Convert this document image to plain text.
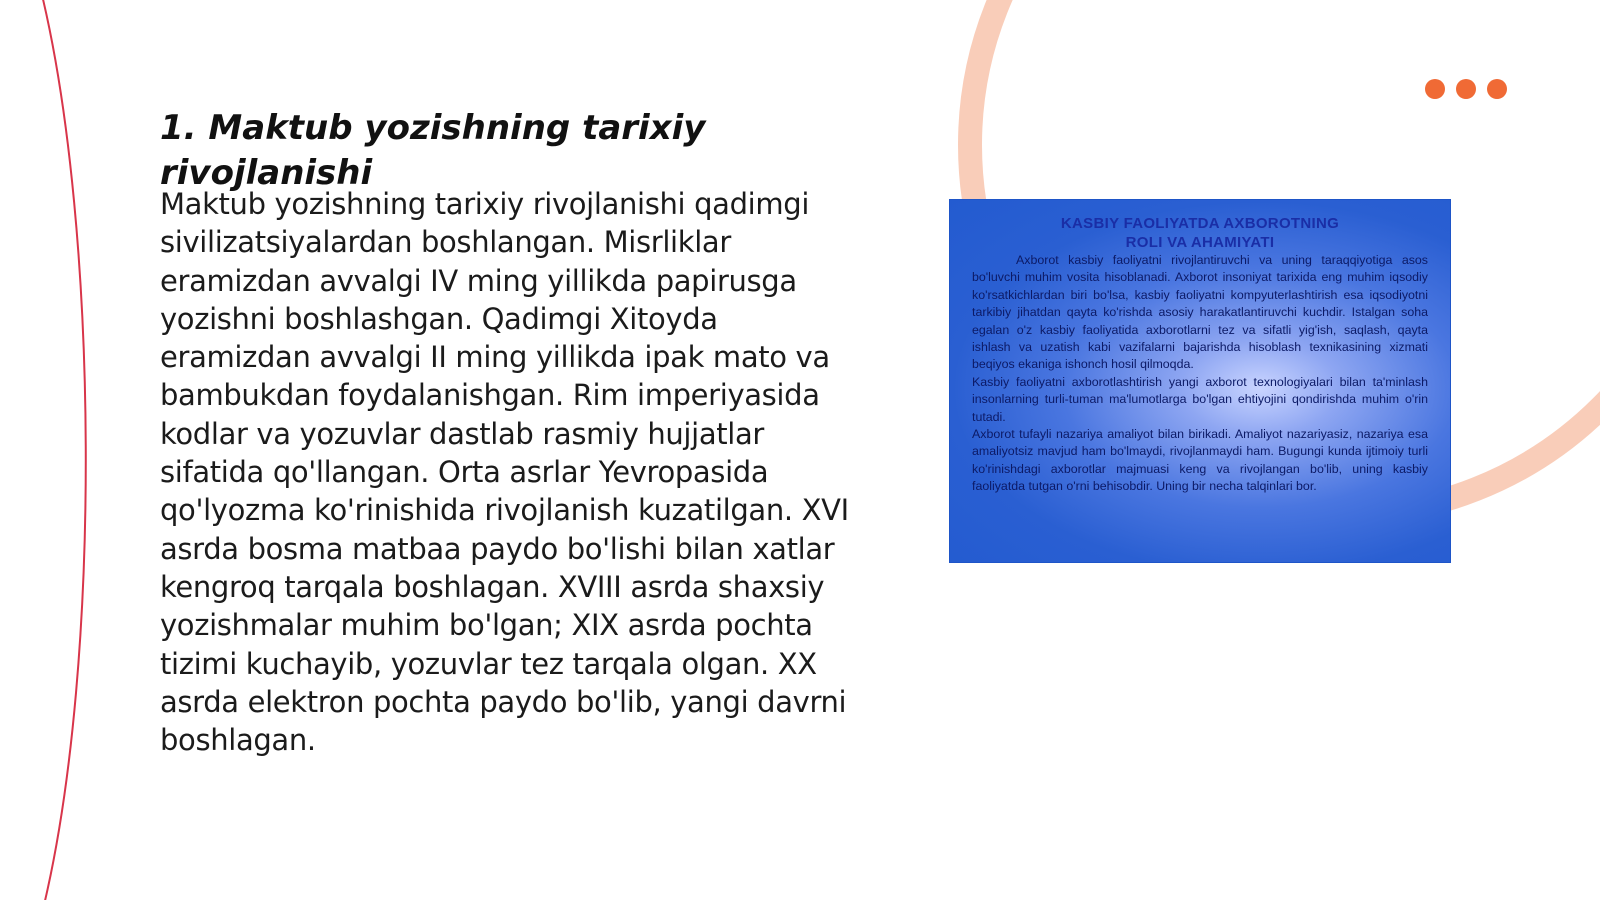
1. Maktub yozishning tarixiy rivojlanishi

Maktub yozishning tarixiy rivojlanishi qadimgi sivilizatsiyalardan boshlangan. Misrliklar eramizdan avvalgi IV ming yillikda papirusga yozishni boshlashgan. Qadimgi Xitoyda eramizdan avvalgi II ming yillikda ipak mato va bambukdan foydalanishgan. Rim imperiyasida kodlar va yozuvlar dastlab rasmiy hujjatlar sifatida qo'llangan. Orta asrlar Yevropasida qo'lyozma ko'rinishida rivojlanish kuzatilgan. XVI asrda bosma matbaa paydo bo'lishi bilan xatlar kengroq tarqala boshlagan. XVIII asrda shaxsiy yozishmalar muhim bo'lgan; XIX asrda pochta tizimi kuchayib, yozuvlar tez tarqala olgan. XX asrda elektron pochta paydo bo'lib, yangi davrni boshlagan.

KASBIY FAOLIYATDA AXBOROTNING
ROLI VA AHAMIYATI

Axborot kasbiy faoliyatni rivojlantiruvchi va uning taraqqiyotiga asos bo'luvchi muhim vosita hisoblanadi. Axborot insoniyat tarixida eng muhim iqsodiy ko'rsatkichlardan biri bo'lsa, kasbiy faoliyatni kompyuterlashtirish esa iqsodiyotni tarkibiy jihatdan qayta ko'rishda asosiy harakatlantiruvchi kuchdir. Istalgan soha egalan o'z kasbiy faoliyatida axborotlarni tez va sifatli yig'ish, saqlash, qayta ishlash va uzatish kabi vazifalarni bajarishda hisoblash texnikasining xizmati beqiyos ekaniga ishonch hosil qilmoqda.

Kasbiy faoliyatni axborotlashtirish yangi axborot texnologiyalari bilan ta'minlash insonlarning turli-tuman ma'lumotlarga bo'lgan ehtiyojini qondirishda muhim o'rin tutadi.

Axborot tufayli nazariya amaliyot bilan birikadi. Amaliyot nazariyasiz, nazariya esa amaliyotsiz mavjud ham bo'lmaydi, rivojlanmaydi ham. Bugungi kunda ijtimoiy turli ko'rinishdagi axborotlar majmuasi keng va rivojlangan bo'lib, uning kasbiy faoliyatda tutgan o'rni behisobdir. Uning bir necha talqinlari bor.
